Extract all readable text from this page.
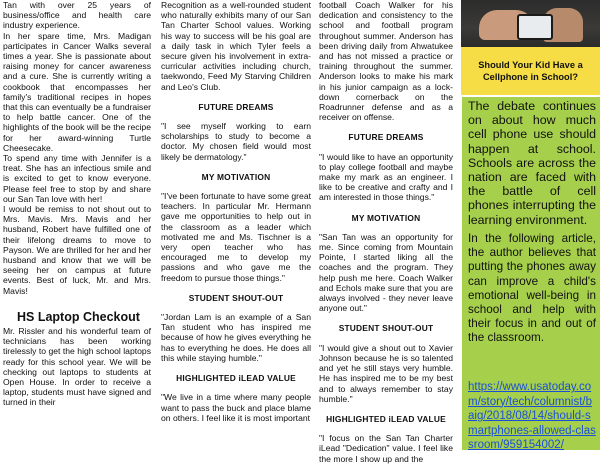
Tan with over 25 years of business/office and health care industry experience.

In her spare time, Mrs. Madigan participates in Cancer Walks several times a year. She is passionate about raising money for cancer awareness and a cure. She is currently writing a cookbook that encompasses her family's traditional recipes in hopes that this can eventually be a fundraiser to help battle cancer. One of the highlights of the book will be the recipe for her award-winning Turtle Cheesecake.

To spend any time with Jennifer is a treat. She has an infectious smile and is excited to get to know everyone. Please feel free to stop by and share our San Tan love with her!

I would be remiss to not shout out to Mrs. Mavis. Mrs. Mavis and her husband, Robert have fulfilled one of their lifelong dreams to move to Payson. We are thrilled for her and her husband and know that we will be seeing her on campus at future events. Best of luck, Mr. and Mrs. Mavis!

HS Laptop Checkout

Mr. Rissler and his wonderful team of technicians has been working tirelessly to get the high school laptops ready for this school year. We will be checking out laptops to students at Open House. In order to receive a laptop, students must have signed and turned in their

Recognition as a well-rounded student who naturally exhibits many of our San Tan Charter School values. Working his way to success will be his goal are a daily task in which Tyler feels a secure given his involvement in extra-curricular activities including church, taekwondo, Feed My Starving Children and Leo's Club.

FUTURE DREAMS

"I see myself working to earn scholarships to study to become a doctor. My chosen field would most likely be dermatology."

MY MOTIVATION

"I've been fortunate to have some great teachers. In particular Mr. Hermann gave me opportunities to help out in the classroom as a leader which motivated me and Ms. Tischner is a very open teacher who has encouraged me to develop my passions and who gave me the freedom to pursue those things."

STUDENT SHOUT-OUT

"Jordan Lam is an example of a San Tan student who has inspired me because of how he gives everything he has to everything he does. He does all this while staying humble."

HIGHLIGHTED iLEAD VALUE

"We live in a time where many people want to pass the buck and place blame on others. I feel like it is most important

football Coach Walker for his dedication and consistency to the school and football program throughout summer. Anderson has been driving daily from Ahwatukee and has not missed a practice or training throughout the summer. Anderson looks to make his mark in his junior campaign as a lock-down cornerback on the Roadrunner defense and as a receiver on offense.

FUTURE DREAMS

"I would like to have an opportunity to play college football and maybe make my mark as an engineer. I like to be creative and crafty and I am interested in those things."

MY MOTIVATION

"San Tan was an opportunity for me. Since coming from Mountain Pointe, I started liking all the coaches and the program. They help push me here. Coach Walker and Echols make sure that you are always involved - they never leave anyone out."

STUDENT SHOUT-OUT

"I would give a shout out to Xavier Johnson because he is so talented and yet he still stays very humble. He has inspired me to be my best and to always remember to stay humble."

HIGHLIGHTED iLEAD VALUE

"I focus on the San Tan Charter iLead "Dedication" value. I feel like the more I show up and the

Should Your Kid Have a Cellphone in School?
The debate continues on about how much cell phone use should happen at school. Schools are across the nation are faced with the battle of cell phones interrupting the learning environment.
In the following article, the author believes that putting the phones away can improve a child's emotional well-being in school and help with their focus in and out of the classroom.
https://www.usatoday.com/story/tech/columnist/baig/2018/08/14/should-smartphones-allowed-classroom/959154002/
